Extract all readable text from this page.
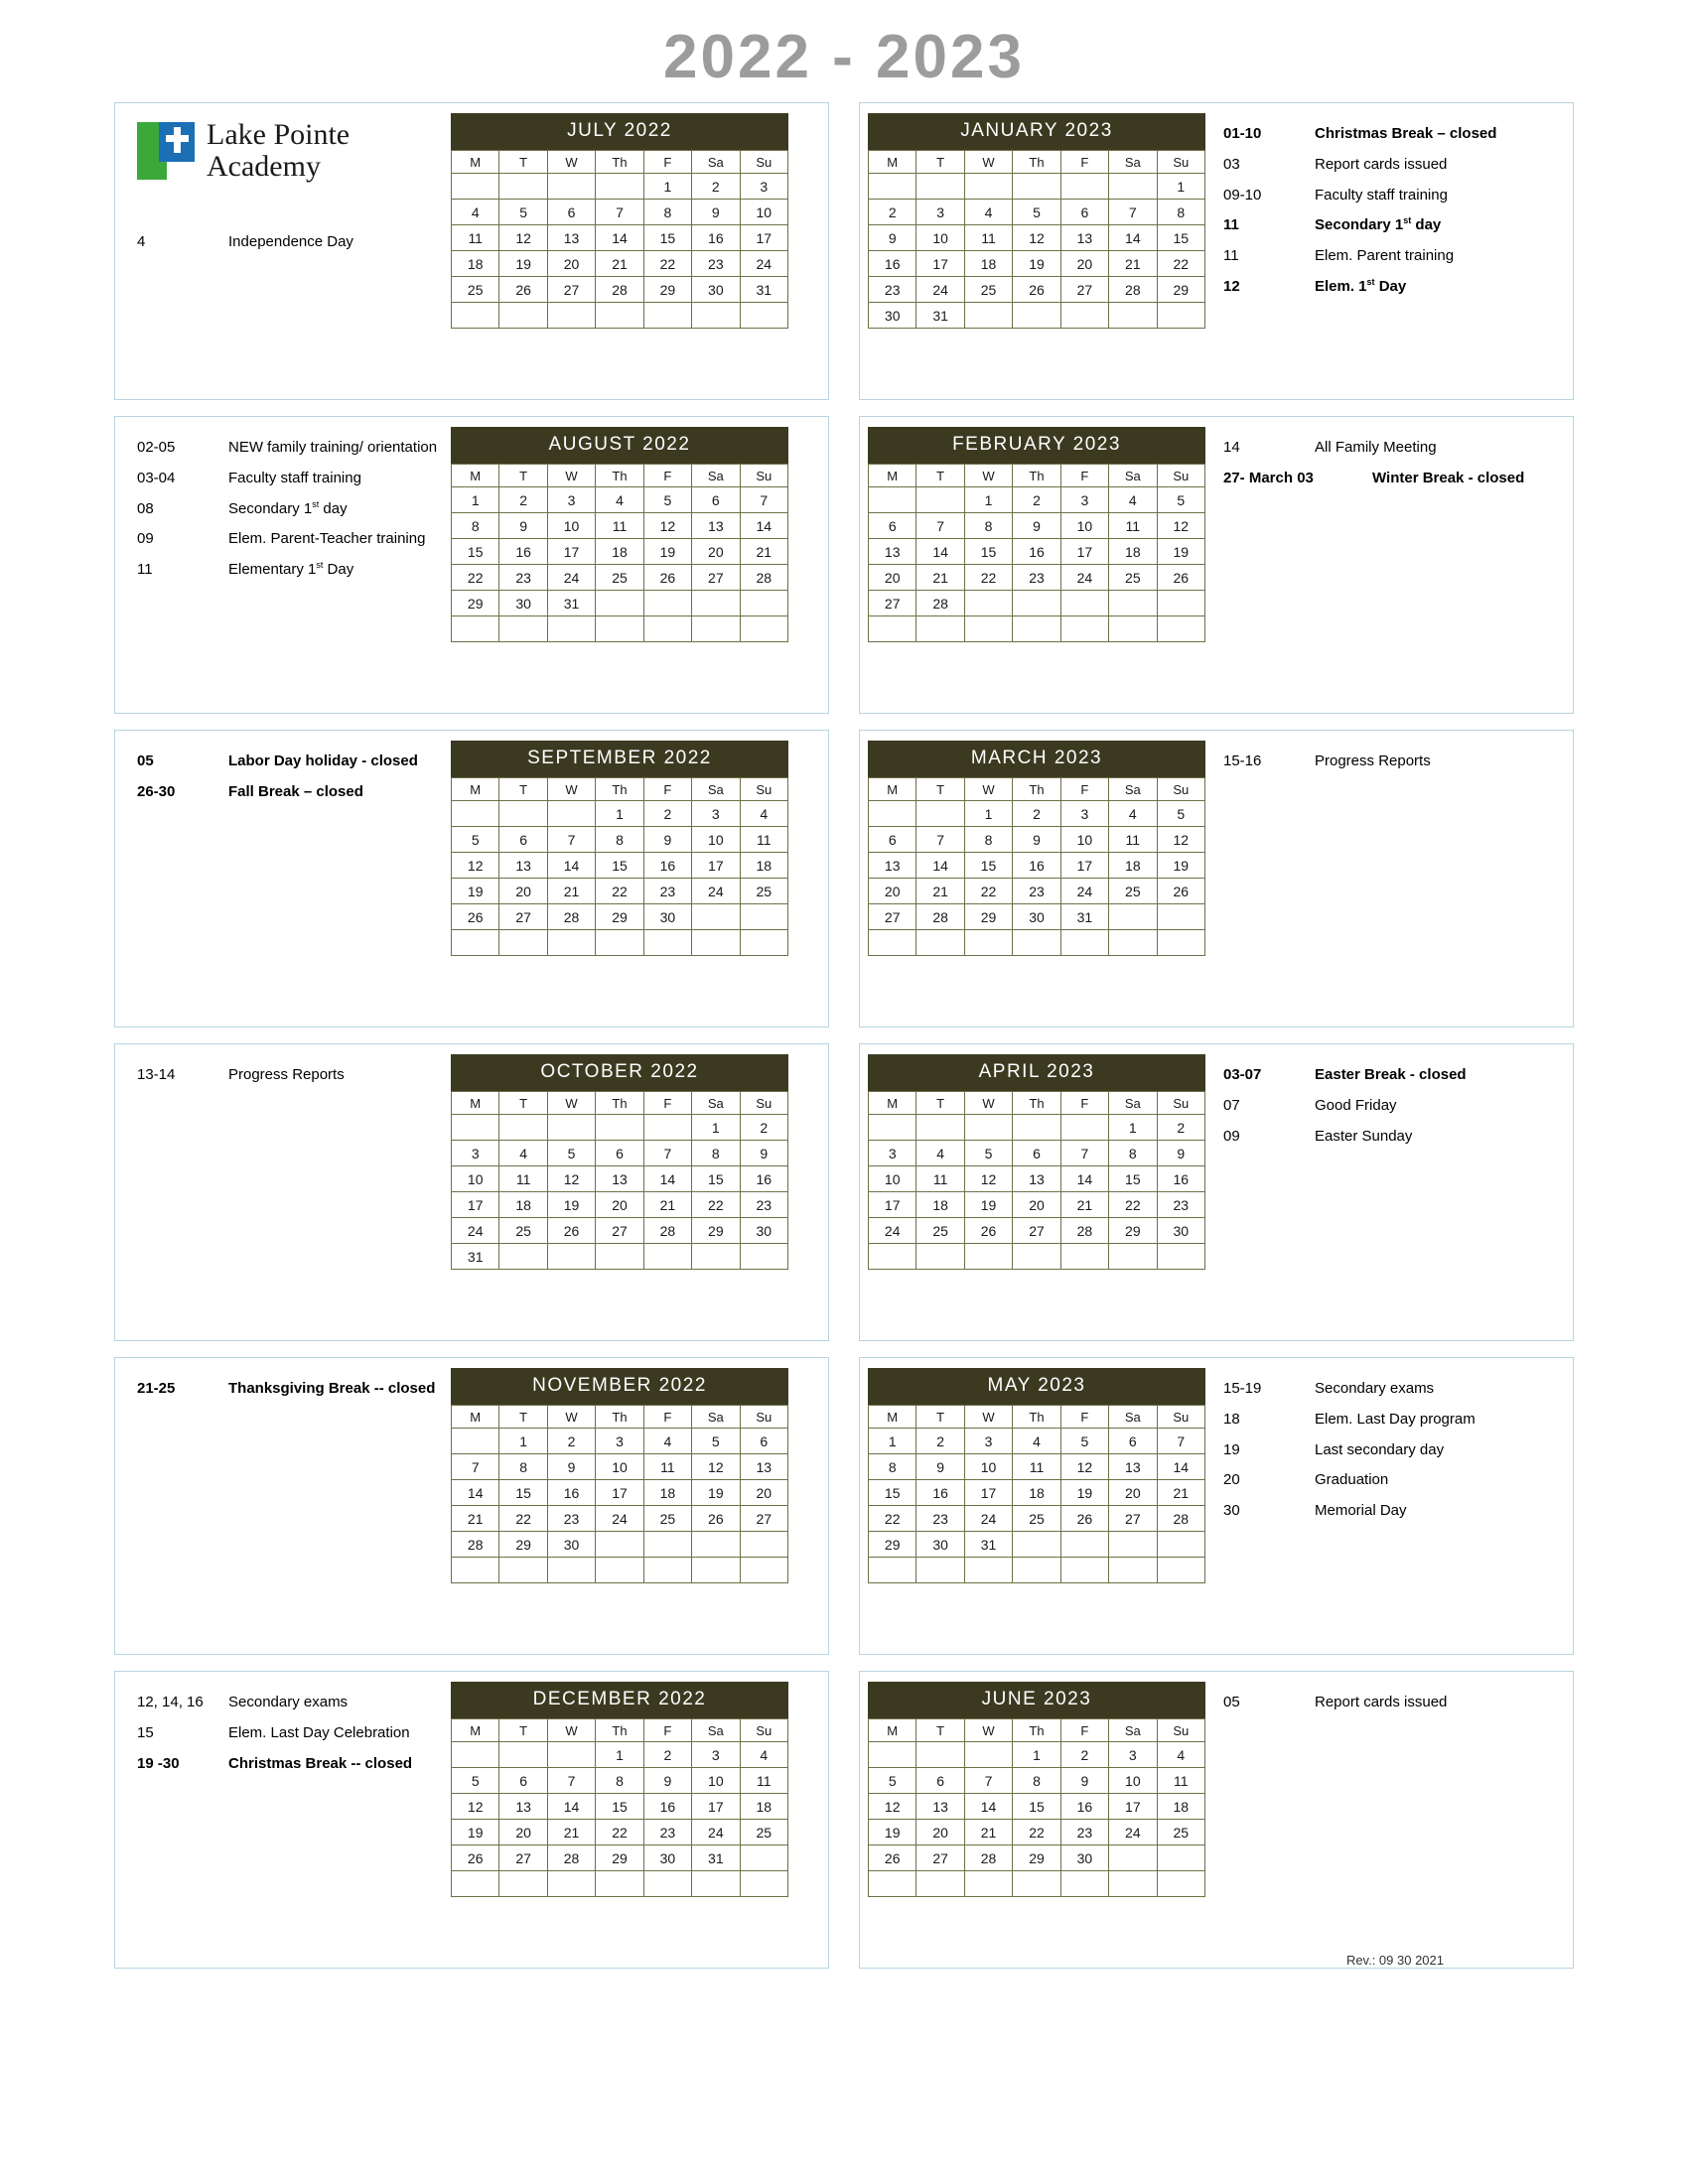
2022 - 2023
Lake Pointe
Academy
4	Independence Day
JULY 2022
M	T	W	Th	F	Sa	Su
				1	2	3
4	5	6	7	8	9	10
11	12	13	14	15	16	17
18	19	20	21	22	23	24
25	26	27	28	29	30	31

JANUARY 2023
M	T	W	Th	F	Sa	Su
						1
2	3	4	5	6	7	8
9	10	11	12	13	14	15
16	17	18	19	20	21	22
23	24	25	26	27	28	29
30	31					
01-10	Christmas Break – closed
03	Report cards issued
09-10	Faculty staff training
11	Secondary 1st day
11	Elem. Parent training
12	Elem. 1st Day
02-05	NEW family training/ orientation
03-04	Faculty staff training
08	Secondary 1st day
09	Elem. Parent-Teacher training
11	Elementary 1st Day
AUGUST 2022
M	T	W	Th	F	Sa	Su
1	2	3	4	5	6	7
8	9	10	11	12	13	14
15	16	17	18	19	20	21
22	23	24	25	26	27	28
29	30	31				

FEBRUARY 2023
M	T	W	Th	F	Sa	Su
		1	2	3	4	5
6	7	8	9	10	11	12
13	14	15	16	17	18	19
20	21	22	23	24	25	26
27	28					

14	All Family Meeting
27- March 03	Winter Break - closed
05	Labor Day holiday - closed
26-30	Fall Break – closed
SEPTEMBER 2022
M	T	W	Th	F	Sa	Su
			1	2	3	4
5	6	7	8	9	10	11
12	13	14	15	16	17	18
19	20	21	22	23	24	25
26	27	28	29	30		

MARCH 2023
M	T	W	Th	F	Sa	Su
		1	2	3	4	5
6	7	8	9	10	11	12
13	14	15	16	17	18	19
20	21	22	23	24	25	26
27	28	29	30	31		

15-16	Progress Reports
13-14	Progress Reports	OCTOBER 2022
M	T	W	Th	F	Sa	Su
					1	2
3	4	5	6	7	8	9
10	11	12	13	14	15	16
17	18	19	20	21	22	23
24	25	26	27	28	29	30
31						
APRIL 2023
M	T	W	Th	F	Sa	Su
					1	2
3	4	5	6	7	8	9
10	11	12	13	14	15	16
17	18	19	20	21	22	23
24	25	26	27	28	29	30

03-07	Easter Break - closed
07	Good Friday
09	Easter Sunday
21-25	Thanksgiving Break -- closed	NOVEMBER 2022
M	T	W	Th	F	Sa	Su
	1	2	3	4	5	6
7	8	9	10	11	12	13
14	15	16	17	18	19	20
21	22	23	24	25	26	27
28	29	30				

MAY 2023
M	T	W	Th	F	Sa	Su
1	2	3	4	5	6	7
8	9	10	11	12	13	14
15	16	17	18	19	20	21
22	23	24	25	26	27	28
29	30	31				

15-19	Secondary exams
18	Elem. Last Day program
19	Last secondary day
20	Graduation
30	Memorial Day
12, 14, 16	Secondary exams
15	Elem. Last Day Celebration
19 -30	Christmas Break -- closed
DECEMBER 2022
M	T	W	Th	F	Sa	Su
			1	2	3	4
5	6	7	8	9	10	11
12	13	14	15	16	17	18
19	20	21	22	23	24	25
26	27	28	29	30	31	

JUNE 2023
M	T	W	Th	F	Sa	Su
			1	2	3	4
5	6	7	8	9	10	11
12	13	14	15	16	17	18
19	20	21	22	23	24	25
26	27	28	29	30		

05	Report cards issued
Rev.: 09 30 2021
